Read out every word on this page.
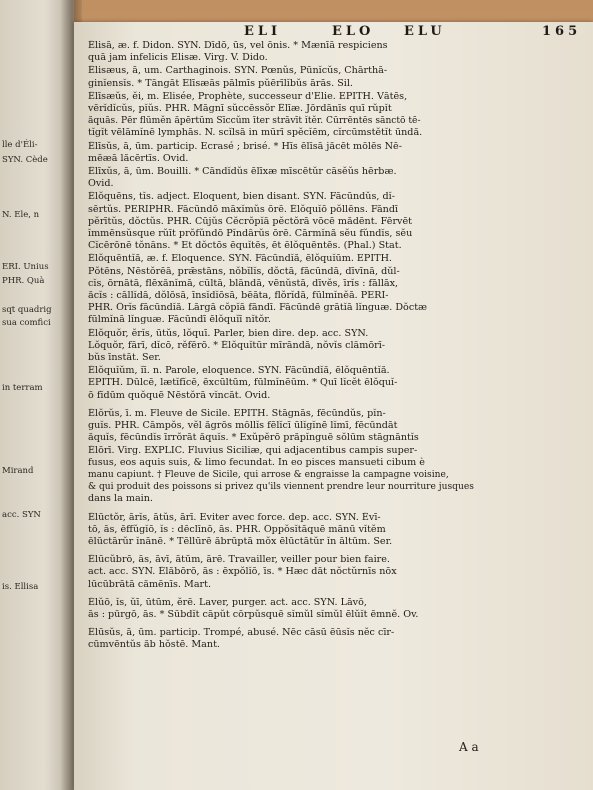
lle d'Éli-
SYN. Cède
N. Ele, n
ERI. Unius
PHR. Quà
sqt quadrig
sua comfici
in terram
Mirand
acc. SYN
is. Ellisa
ELI	ELO ELU	165
Ēlisā, æ. f. Didon. SYN. Dīdō, ūs, vel ōnis. * Mænīā respiciens
quā jam infelicis Elisæ. Virg. V. Dido.
Ēlisæus, ā, um. Carthaginois. SYN. Pœnŭs, Pūnĭcŭs, Chārthā-
ginĭensĭs. * Tāngāt Elīsæās pālmīs pŭērīlĭbŭs ārās. Sil.
Ēlīsæŭs, ĕi, m. Elisée, Prophète, successeur d'Elie. EPITH. Vātēs,
vērĭdĭcŭs, pĭŭs. PHR. Māgnī sŭccēssŏr Ēlīæ. Jōrdānīs quī rŭpĭt
ăquās. Pēr flūmĕn ăpērtūm Sīccŭm īter strāvīt ĭtĕr. Cūrrēntēs sānctō tē-
tĭgĭt vēlāmĭnē lymphās. N. scĭlsā in mūrī spĕcĭēm, cĭrcūmstĕtĭt ūndă.
Ēlīsŭs, ā, ūm. particip. Ecrasé ; brisé. * Hīs ēlīsā jăcēt mōlēs Nē-
mēæā lăcērtīs. Ovid.
Ēlīxŭs, ā, ūm. Bouilli. * Cāndĭdŭs ēlīxæ mīscētŭr cāsĕŭs hērbæ.
Ovid.
Ēlŏquēns, tĭs. adject. Eloquent, bien disant. SYN. Fācūndŭs, dĭ-
sērtŭs. PERIPHR. Fācūndō māxĭmŭs ōrē. Ēlŏquĭō pŏllēns. Fāndī
pĕrītŭs, dŏctŭs. PHR. Cūjŭs Cĕcrŏpĭā pĕctŏrā vōcē mădēnt. Fērvēt
ĭmmēnsŭsque rŭīt prŏfŭndō Pĭndārŭs ōrē. Cārmĭnă sĕu fŭndĭs, sĕu
Cĭcērōnē tŏnāns. * Et dŏctōs ēquĭtēs, ēt ēlŏquēntēs. (Phal.) Stat.
Ēlŏquēntĭă, æ. f. Eloquence. SYN. Fācūndĭă, ēlŏquĭūm. EPITH.
Pŏtēns, Nēstŏrēā, prǣstāns, nŏbĭlĭs, dŏctā, fācūndā, dīvīnā, dŭl-
cĭs, ōrnātā, flēxănĭmā, cūltā, blāndā, vēnŭstā, dīvĕs, īrĭs : fāllāx,
ăcĭs : cāllĭdā, dŏlōsā, īnsĭdĭōsā, bēāta, flŏrĭdā, fūlmĭnĕā. PERI-
PHR. Ōrĭs fācūndĭă. Lārgā cŏpĭā fāndī. Fācūndē grātĭā lĭnguæ. Dŏctæ
fūlmĭnā lĭnguæ. Fācūndī ēlŏquĭī nĭtŏr.
Ēlŏquŏr, ĕrĭs, ūtŭs, lŏquī. Parler, bien dire. dep. acc. SYN.
Lŏquŏr, fārī, dĭcō, rĕfērō. * Ēlŏquĭtūr mīrāndā, nŏvĭs clāmōrī-
bŭs īnstāt. Ser.
Ēlŏquĭŭm, ĭī. n. Parole, eloquence. SYN. Fācūndĭă, ēlŏquēntĭă.
EPITH. Dūlcē, lætĭfĭcē, ēxcūltūm, fūlmĭnēūm. * Quī lĭcĕt ēlŏquĭ-
ō fĭdūm quŏquē Nēstŏrā vĭncāt. Ovid.
Ēlŏrŭs, ī. m. Fleuve de Sicile. EPITH. Stāgnās, fēcūndŭs, pĭn-
guĭs. PHR. Cāmpŏs, vĕl ăgrōs mōllĭs fēlĭcī ūlĭgĭnē lĭmī, fēcūndāt
ăquĭs, fēcūndĭs īrrŏrāt ăquĭs. * Exŭpĕrō prăpĭnguē sŏlūm stāgnāntĭs
Ēlōrī. Virg. EXPLIC. Fluvius Siciliæ, qui adjacentibus campis super-
fusus, eos aquis suis, & limo fecundat. In eo pisces mansueti cibum è
manu capiunt. † Fleuve de Sicile, qui arrose & engraisse la campagne voisine,
& qui produit des poissons si privez qu'ils viennent prendre leur nourriture jusques
dans la main.
Ēlūctŏr, ārĭs, ātŭs, ārī. Eviter avec force. dep. acc. SYN. Ēvī-
tō, ās, ēffŭgĭō, ĭs : dēclīnō, ās. PHR. Ŏppŏsĭtāquē mānū vĭtĕm
ēlūctārŭr ĭnānē. * Tēllūrē ăbrūptā mŏx ēlūctātŭr ĭn āltūm. Ser.
Ēlūcŭbrō, ās, āvī, ātūm, ārē. Travailler, veiller pour bien faire.
act. acc. SYN. Ēlăbōrō, ās : ēxpŏlĭō, īs. * Hæc dāt nŏctŭrnīs nōx
lūcūbrātā cămēnīs. Mart.
Ēlŭō, ĭs, ŭī, ūtūm, ĕrē. Laver, purger. act. acc. SYN. Lāvō,
ās : pūrgō, ās. * Sūbdĭt cāpŭt cōrpŭsquē sĭmŭl sĭmŭl ēlŭĭt ēmnĕ. Ov.
Ēlūsŭs, ā, ūm. particip. Trompé, abusé. Nēc cāsū ēūsĭs nĕc cīr-
cūmvēntŭs ăb hŏstē. Mant.
A a
